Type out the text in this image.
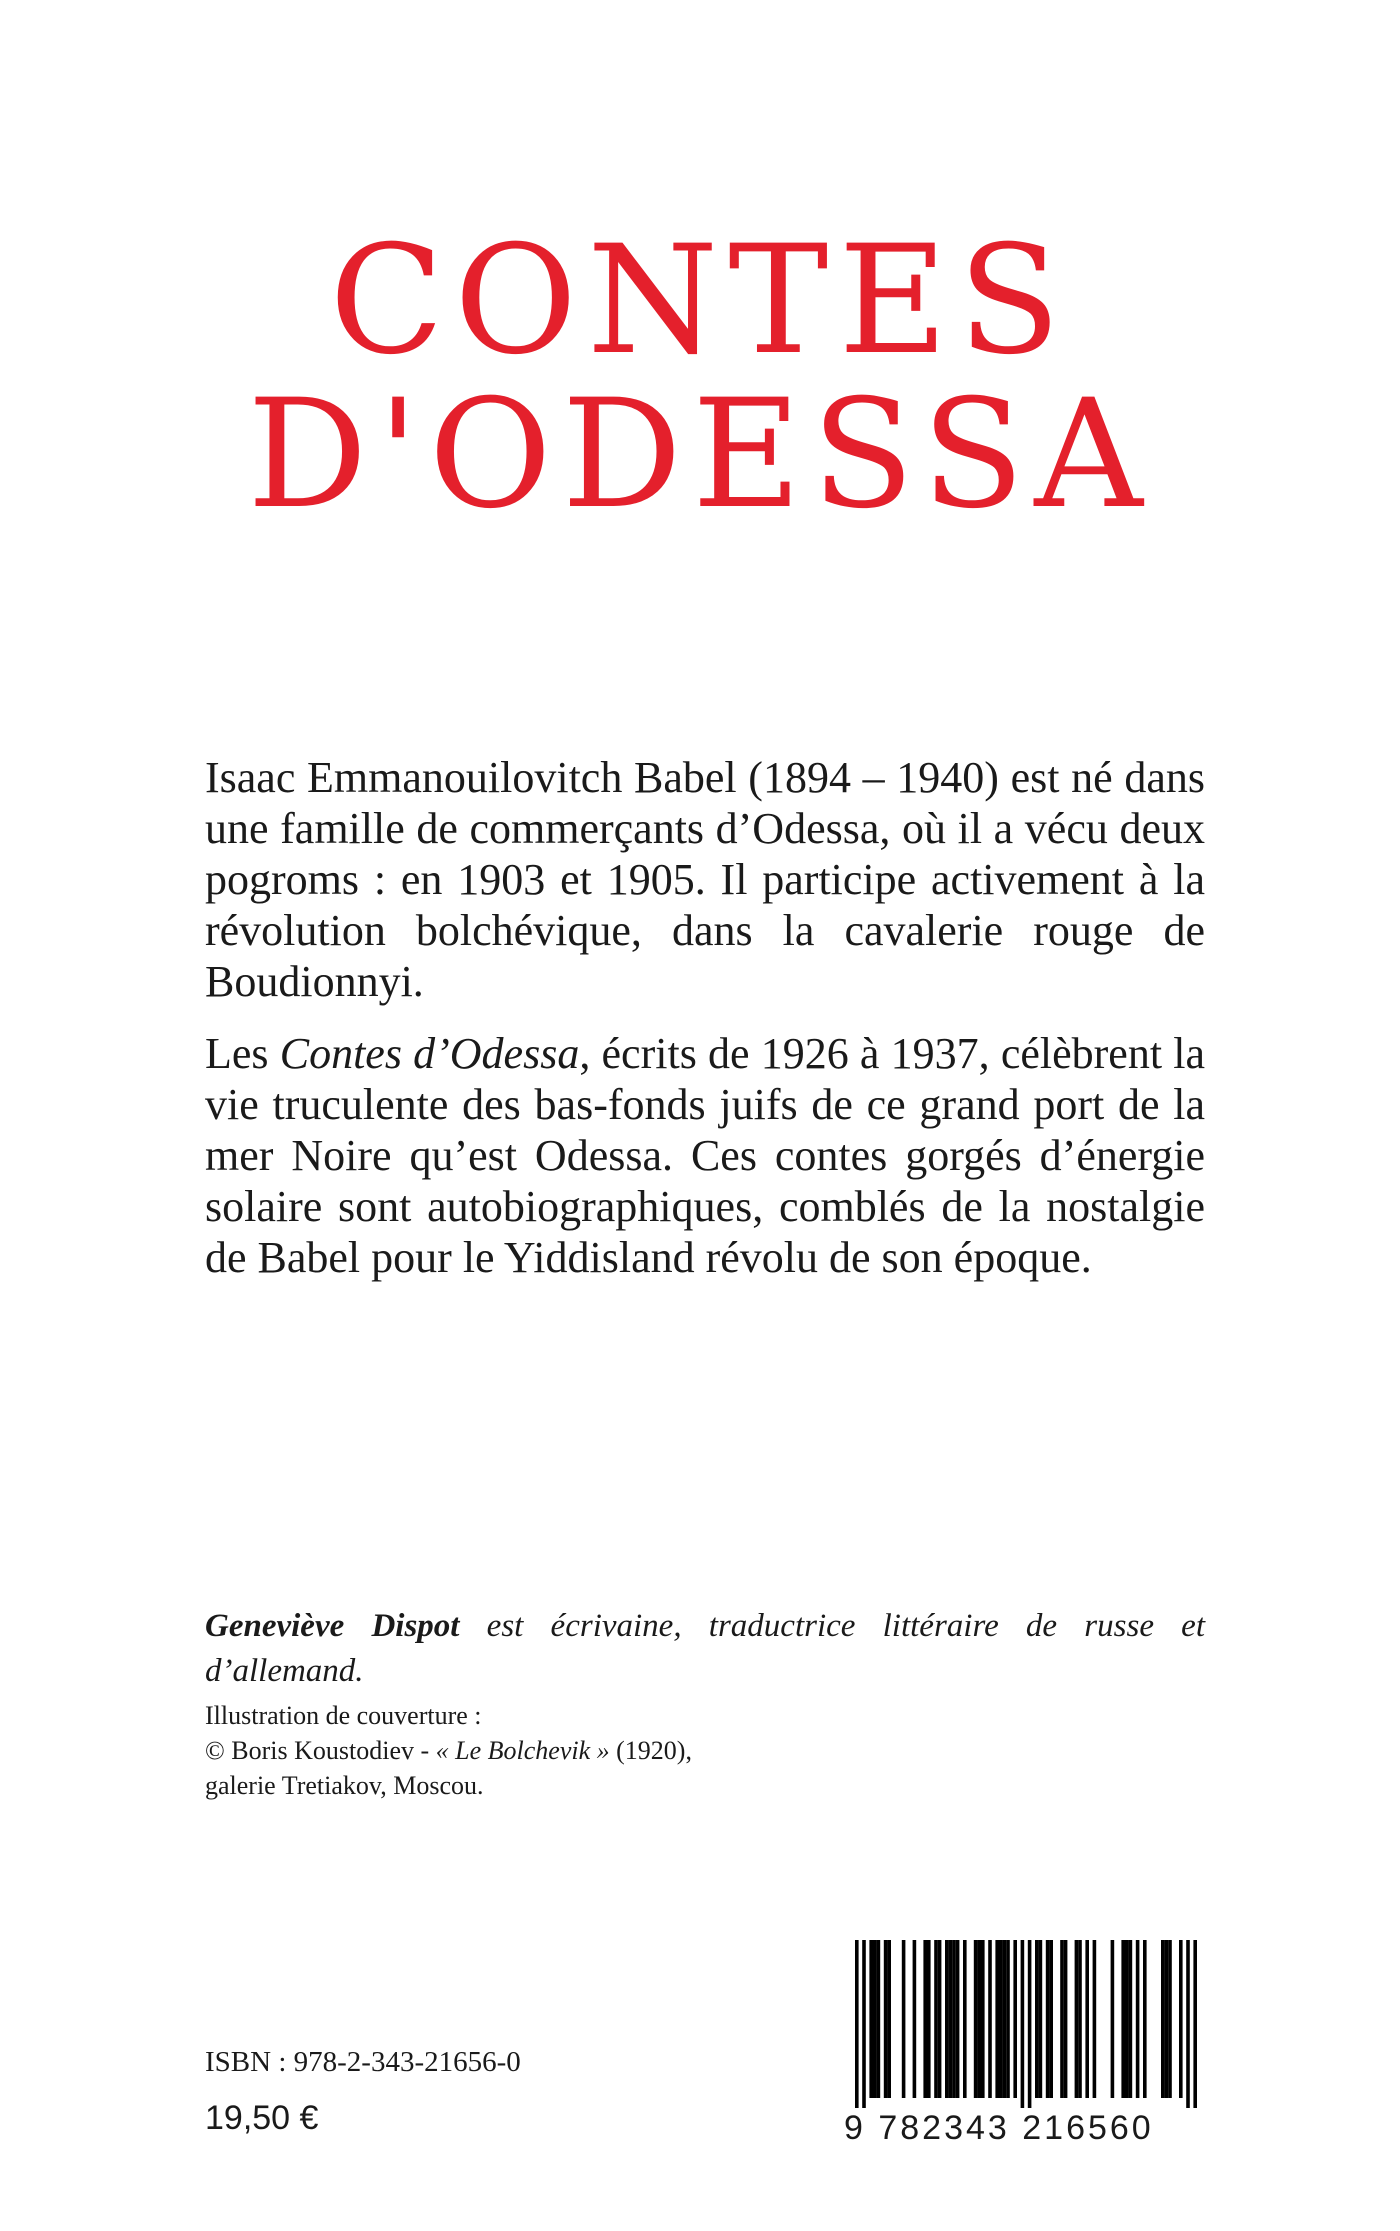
CONTES
D'ODESSA

Isaac Emmanouilovitch Babel (1894 – 1940) est né dans une famille de commerçants d’Odessa, où il a vécu deux pogroms : en 1903 et 1905. Il participe activement à la révolution bolchévique, dans la cavalerie rouge de Boudionnyi.

Les Contes d’Odessa, écrits de 1926 à 1937, célèbrent la vie truculente des bas-fonds juifs de ce grand port de la mer Noire qu’est Odessa. Ces contes gorgés d’énergie solaire sont autobiographiques, comblés de la nostalgie de Babel pour le Yiddisland révolu de son époque.

Geneviève Dispot est écrivaine, traductrice littéraire de russe et d’allemand.
Illustration de couverture :
© Boris Koustodiev - « Le Bolchevik » (1920),
galerie Tretiakov, Moscou.
ISBN : 978-2-343-21656-0
19,50 €	9 782343 216560
